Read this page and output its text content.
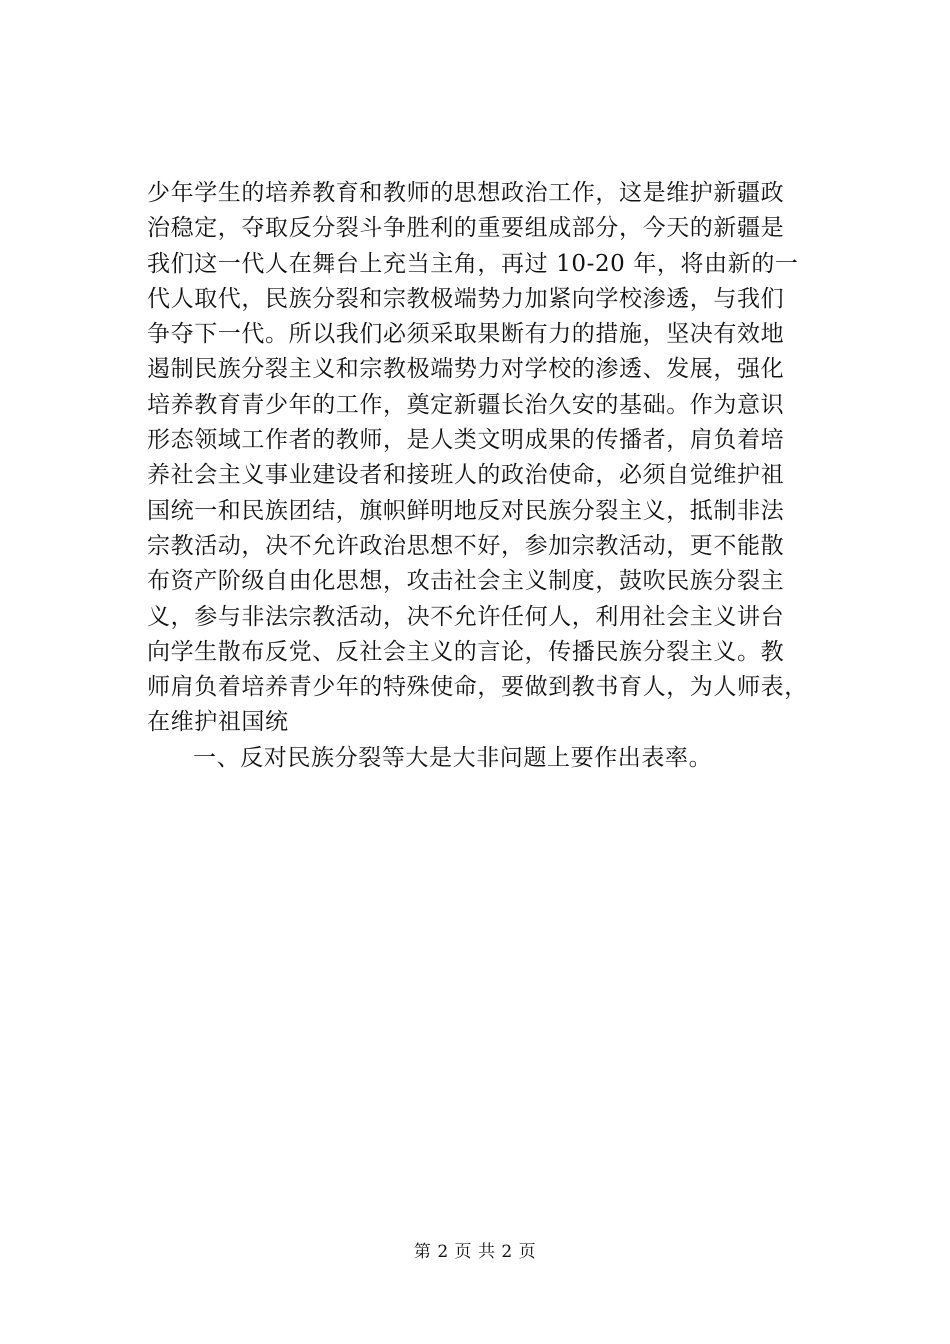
少年学生的培养教育和教师的思想政治工作，这是维护新疆政
治稳定，夺取反分裂斗争胜利的重要组成部分，今天的新疆是
我们这一代人在舞台上充当主角，再过 10-20 年，将由新的一
代人取代，民族分裂和宗教极端势力加紧向学校渗透，与我们
争夺下一代。所以我们必须采取果断有力的措施，坚决有效地
遏制民族分裂主义和宗教极端势力对学校的渗透、发展，强化
培养教育青少年的工作，奠定新疆长治久安的基础。作为意识
形态领域工作者的教师，是人类文明成果的传播者，肩负着培
养社会主义事业建设者和接班人的政治使命，必须自觉维护祖
国统一和民族团结，旗帜鲜明地反对民族分裂主义，抵制非法
宗教活动，决不允许政治思想不好，参加宗教活动，更不能散
布资产阶级自由化思想，攻击社会主义制度，鼓吹民族分裂主
义，参与非法宗教活动，决不允许任何人，利用社会主义讲台
向学生散布反党、反社会主义的言论，传播民族分裂主义。教
师肩负着培养青少年的特殊使命，要做到教书育人，为人师表，
在维护祖国统
一、反对民族分裂等大是大非问题上要作出表率。
第 2 页 共 2 页
